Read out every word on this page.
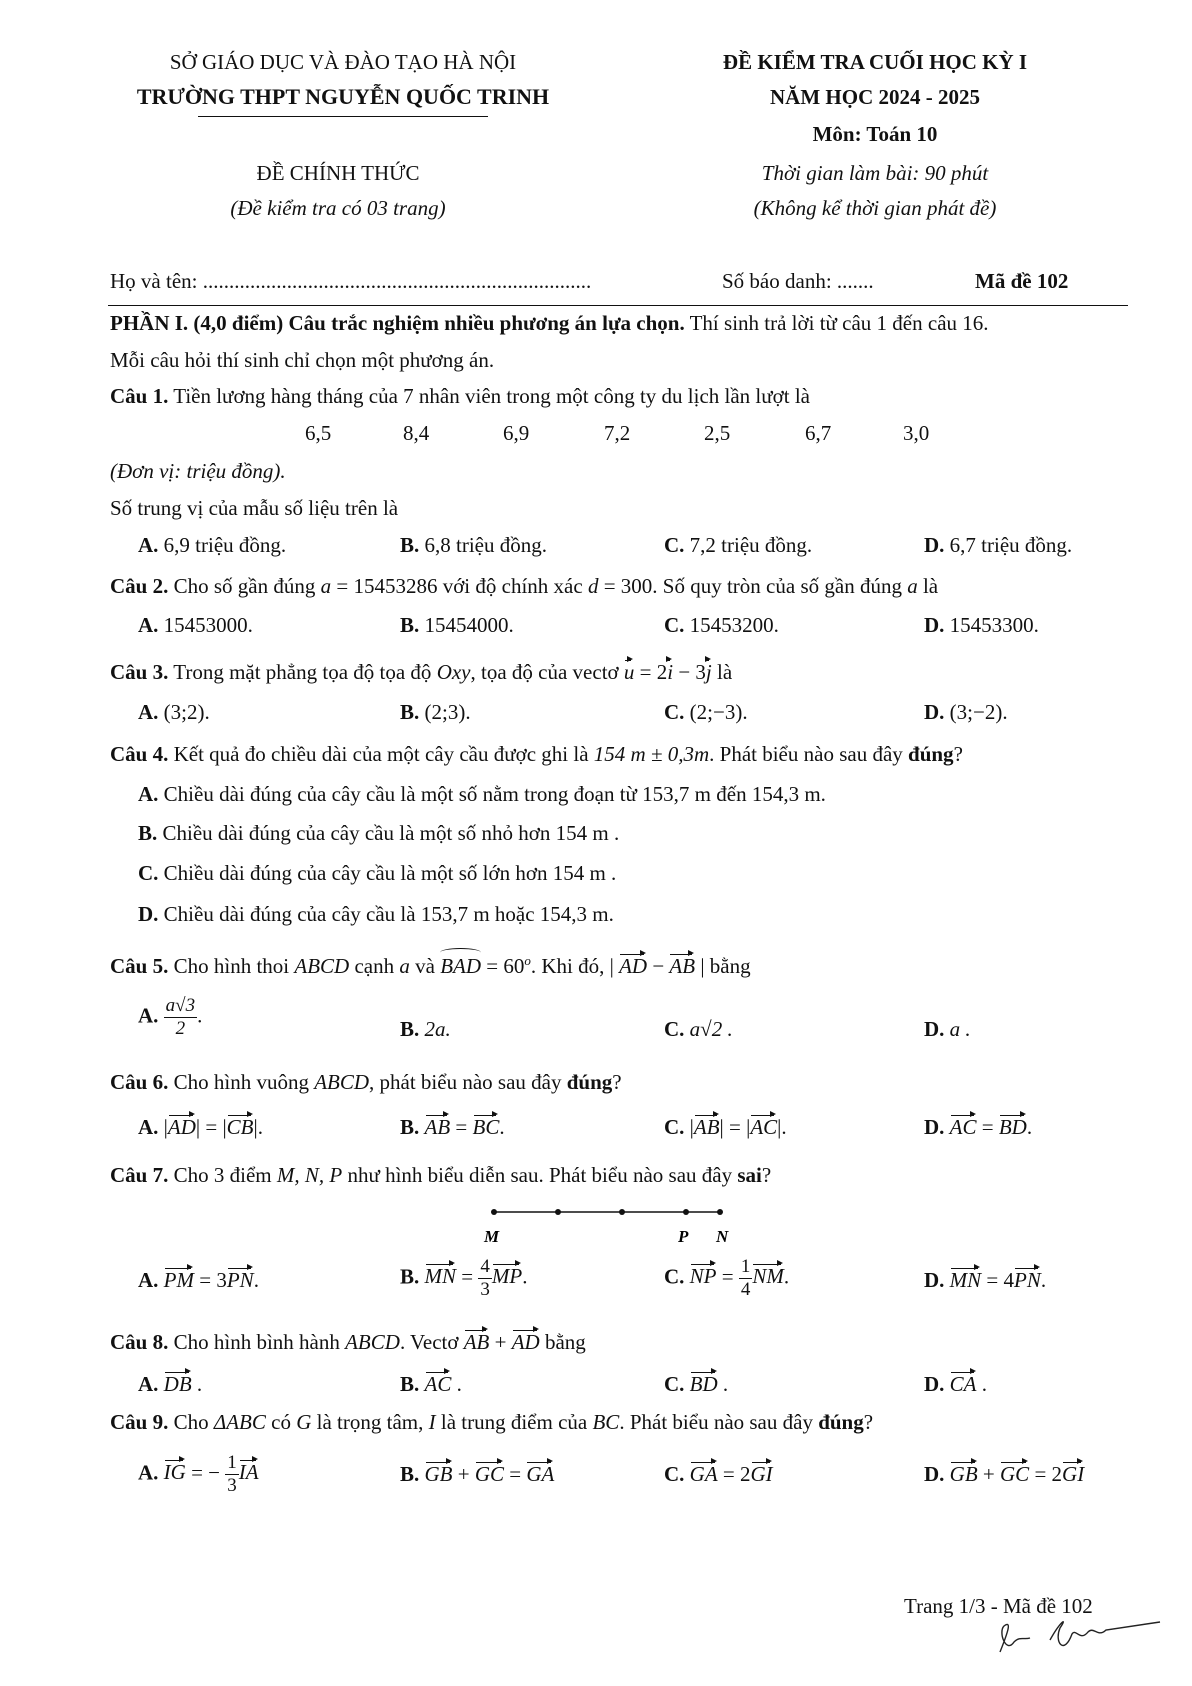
SỞ GIÁO DỤC VÀ ĐÀO TẠO HÀ NỘI
TRƯỜNG THPT NGUYỄN QUỐC TRINH
ĐỀ KIỂM TRA CUỐI HỌC KỲ I
NĂM HỌC 2024 - 2025
Môn: Toán 10
ĐỀ CHÍNH THỨC
(Đề kiểm tra có 03 trang)
Thời gian làm bài: 90 phút
(Không kể thời gian phát đề)
Họ và tên: ..........................................................................	Số báo danh: .......	Mã đề 102
PHẦN I. (4,0 điểm) Câu trắc nghiệm nhiều phương án lựa chọn. Thí sinh trả lời từ câu 1 đến câu 16.
Mỗi câu hỏi thí sinh chỉ chọn một phương án.
Câu 1. Tiền lương hàng tháng của 7 nhân viên trong một công ty du lịch lần lượt là
6,5	8,4	6,9	7,2	2,5	6,7	3,0
(Đơn vị: triệu đồng).
Số trung vị của mẫu số liệu trên là
A. 6,9 triệu đồng.	B. 6,8 triệu đồng.	C. 7,2 triệu đồng.	D. 6,7 triệu đồng.
Câu 2. Cho số gần đúng a = 15453286 với độ chính xác d = 300. Số quy tròn của số gần đúng a là
A. 15453000.	B. 15454000.	C. 15453200.	D. 15453300.
Câu 3. Trong mặt phẳng tọa độ tọa độ Oxy, tọa độ của vectơ u = 2i − 3j là
A. (3;2).	B. (2;3).	C. (2;−3).	D. (3;−2).
Câu 4. Kết quả đo chiều dài của một cây cầu được ghi là 154 m ± 0,3m. Phát biểu nào sau đây đúng?
A. Chiều dài đúng của cây cầu là một số nằm trong đoạn từ 153,7 m đến 154,3 m.
B. Chiều dài đúng của cây cầu là một số nhỏ hơn 154 m .
C. Chiều dài đúng của cây cầu là một số lớn hơn 154 m .
D. Chiều dài đúng của cây cầu là 153,7 m hoặc 154,3 m.
Câu 5. Cho hình thoi ABCD cạnh a và BAD = $60^o$. Khi đó, | AD − AB | bằng
A. $\frac{a√3}{2}$ .
B. 2a.	C. a√2 .	D. a .
Câu 6. Cho hình vuông ABCD, phát biểu nào sau đây đúng?
A. |AD| = |CB|.	B. AB = BC.	C. |AB| = |AC|.	D. AC = BD.
Câu 7. Cho 3 điểm M, N, P như hình biểu diễn sau. Phát biểu nào sau đây sai?
M	P N
A. PM = 3PN.	B. MN = $\frac{4}{3}$ MP.	C. NP = $\frac{1}{4}$ NM.	D. MN = 4PN.
Câu 8. Cho hình bình hành ABCD. Vectơ AB + AD bằng
A. DB .	B. AC .	C. BD .	D. CA .
Câu 9. Cho ΔABC có G là trọng tâm, I là trung điểm của BC. Phát biểu nào sau đây đúng?
A. IG = − $\frac{1}{3}$ IA	B. GB + GC = GA	C. GA = 2GI	D. GB + GC = 2GI
Trang 1/3 - Mã đề 102
